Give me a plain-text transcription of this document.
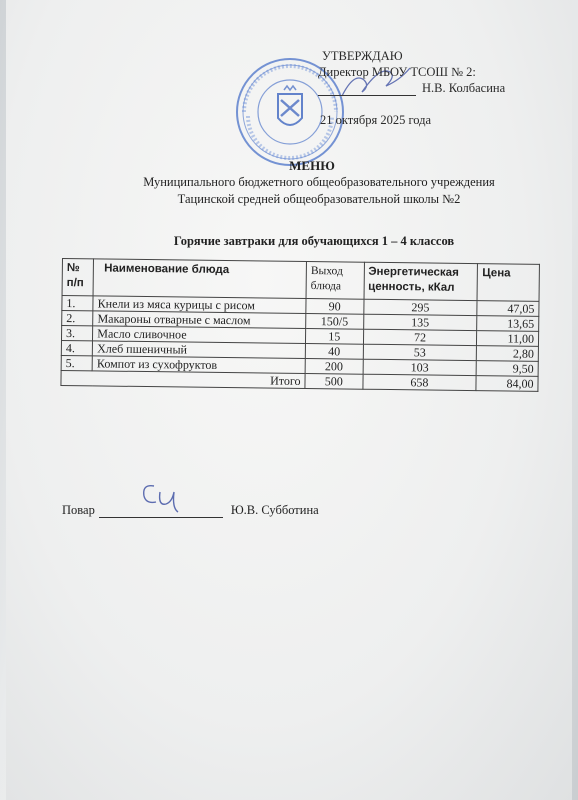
УТВЕРЖДАЮ
Директор МБОУ ТСОШ № 2:
Н.В. Колбасина
21 октября 2025 года
МЕНЮ
Муниципального бюджетного общеобразовательного учреждения
Тацинской средней общеобразовательной школы №2
Горячие завтраки для обучающихся 1 – 4 классов
№ п/п	Наименование блюда	Выход блюда	Энергетическая ценность, кКал	Цена
1.	Кнели из мяса курицы с рисом	90	295	47,05
2.	Макароны отварные с маслом	150/5	135	13,65
3.	Масло сливочное	15	72	11,00
4.	Хлеб пшеничный	40	53	2,80
5.	Компот из сухофруктов	200	103	9,50
Итого		500	658	84,00
Повар	Ю.В. Субботина
